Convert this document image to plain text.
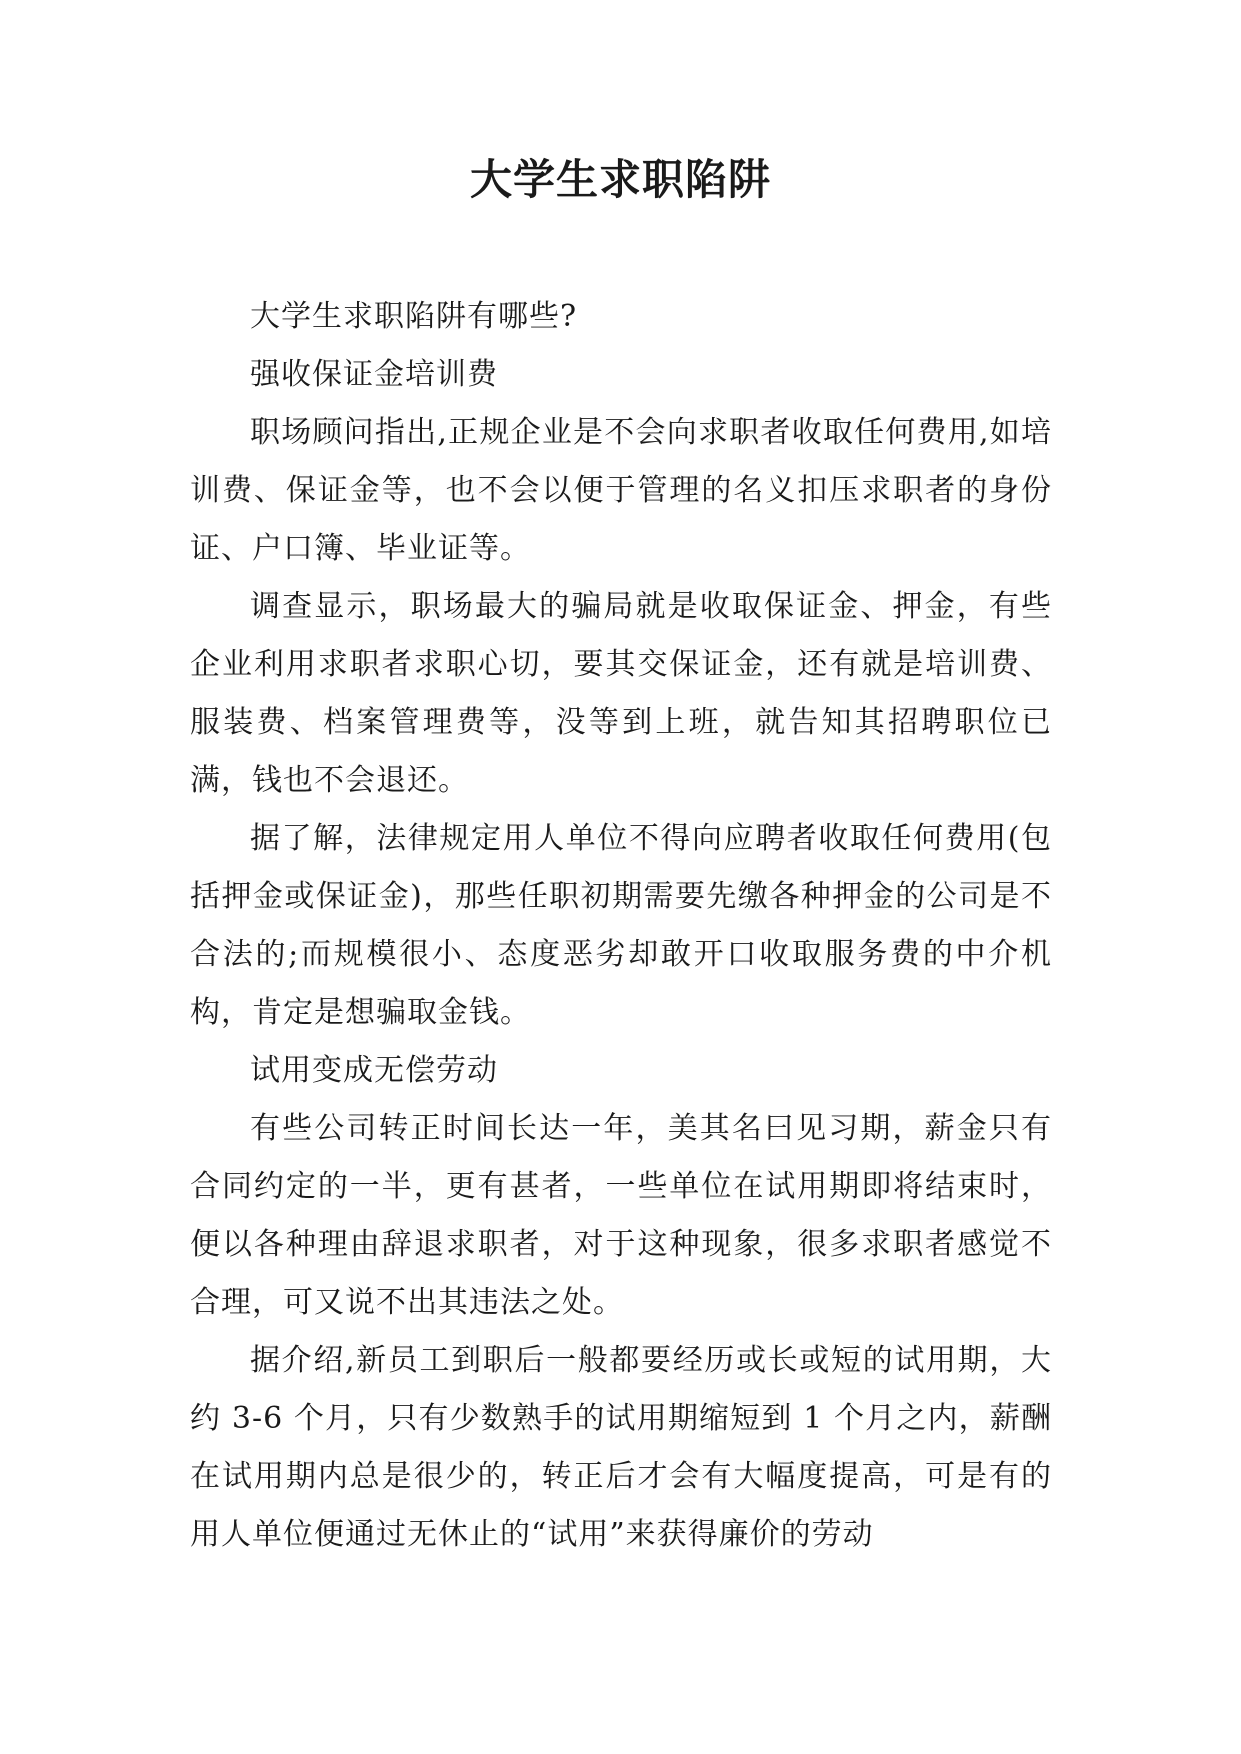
大学生求职陷阱

大学生求职陷阱有哪些?

强收保证金培训费

职场顾问指出,正规企业是不会向求职者收取任何费用,如培训费、保证金等，也不会以便于管理的名义扣压求职者的身份证、户口簿、毕业证等。

调查显示，职场最大的骗局就是收取保证金、押金，有些企业利用求职者求职心切，要其交保证金，还有就是培训费、服装费、档案管理费等，没等到上班，就告知其招聘职位已满，钱也不会退还。

据了解，法律规定用人单位不得向应聘者收取任何费用(包括押金或保证金)，那些任职初期需要先缴各种押金的公司是不合法的;而规模很小、态度恶劣却敢开口收取服务费的中介机构，肯定是想骗取金钱。

试用变成无偿劳动

有些公司转正时间长达一年，美其名曰见习期，薪金只有合同约定的一半，更有甚者，一些单位在试用期即将结束时，便以各种理由辞退求职者，对于这种现象，很多求职者感觉不合理，可又说不出其违法之处。

据介绍,新员工到职后一般都要经历或长或短的试用期，大约 3-6 个月，只有少数熟手的试用期缩短到 1 个月之内，薪酬在试用期内总是很少的，转正后才会有大幅度提高，可是有的用人单位便通过无休止的“试用”来获得廉价的劳动
